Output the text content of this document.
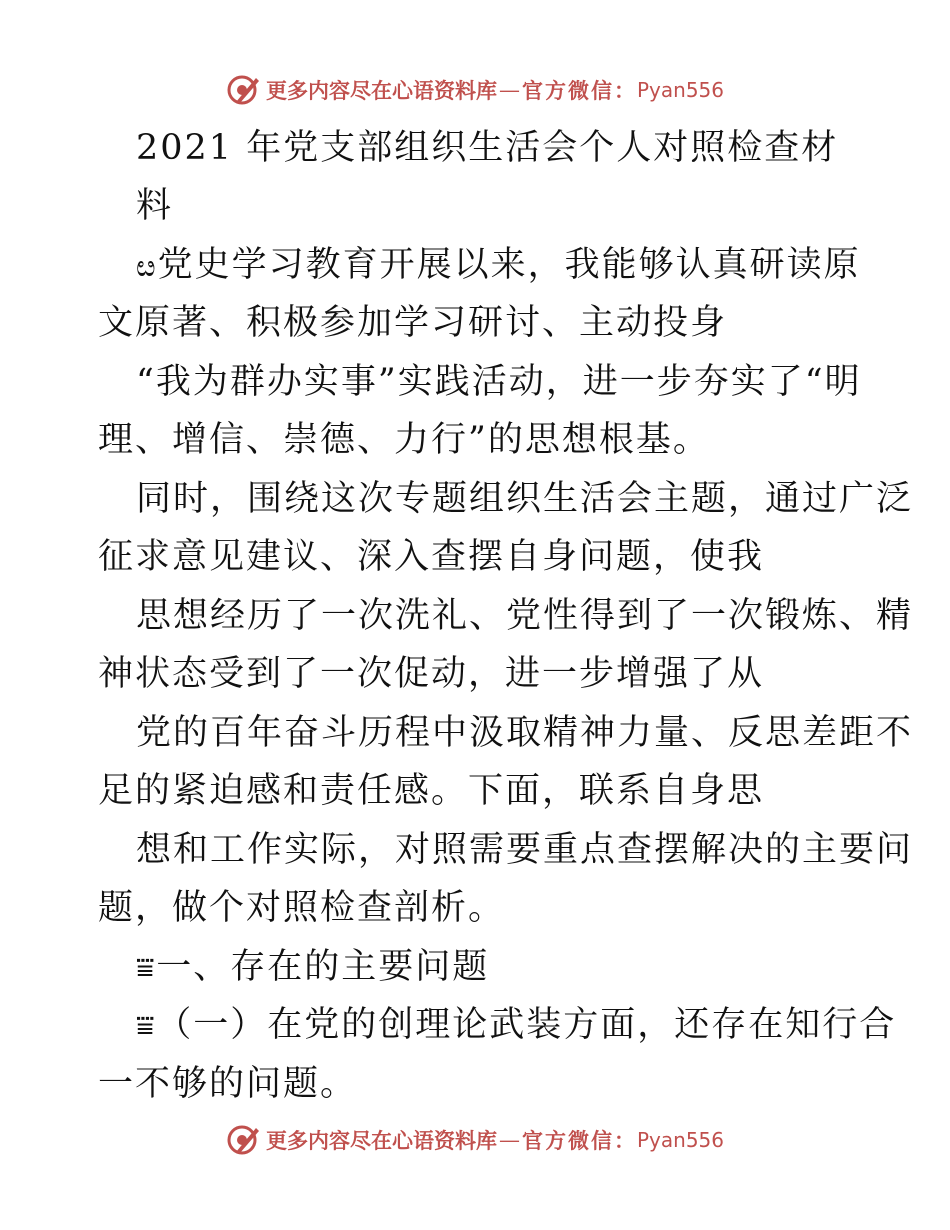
更多内容尽在心语资料库 — 官方微信： Pyan556
2021 年党支部组织生活会个人对照检查材
料
ೞ党史学习教育开展以来，我能够认真研读原
文原著、积极参加学习研讨、主动投身
“我为群办实事”实践活动，进一步夯实了“明
理、增信、崇德、力行”的思想根基。
同时，围绕这次专题组织生活会主题，通过广泛
征求意见建议、深入查摆自身问题，使我
思想经历了一次洗礼、党性得到了一次锻炼、精
神状态受到了一次促动，进一步增强了从
党的百年奋斗历程中汲取精神力量、反思差距不
足的紧迫感和责任感。下面，联系自身思
想和工作实际，对照需要重点查摆解决的主要问
题，做个对照检查剖析。
⩸一、存在的主要问题
⩸（一）在党的创理论武装方面，还存在知行合
一不够的问题。
更多内容尽在心语资料库 — 官方微信： Pyan556
